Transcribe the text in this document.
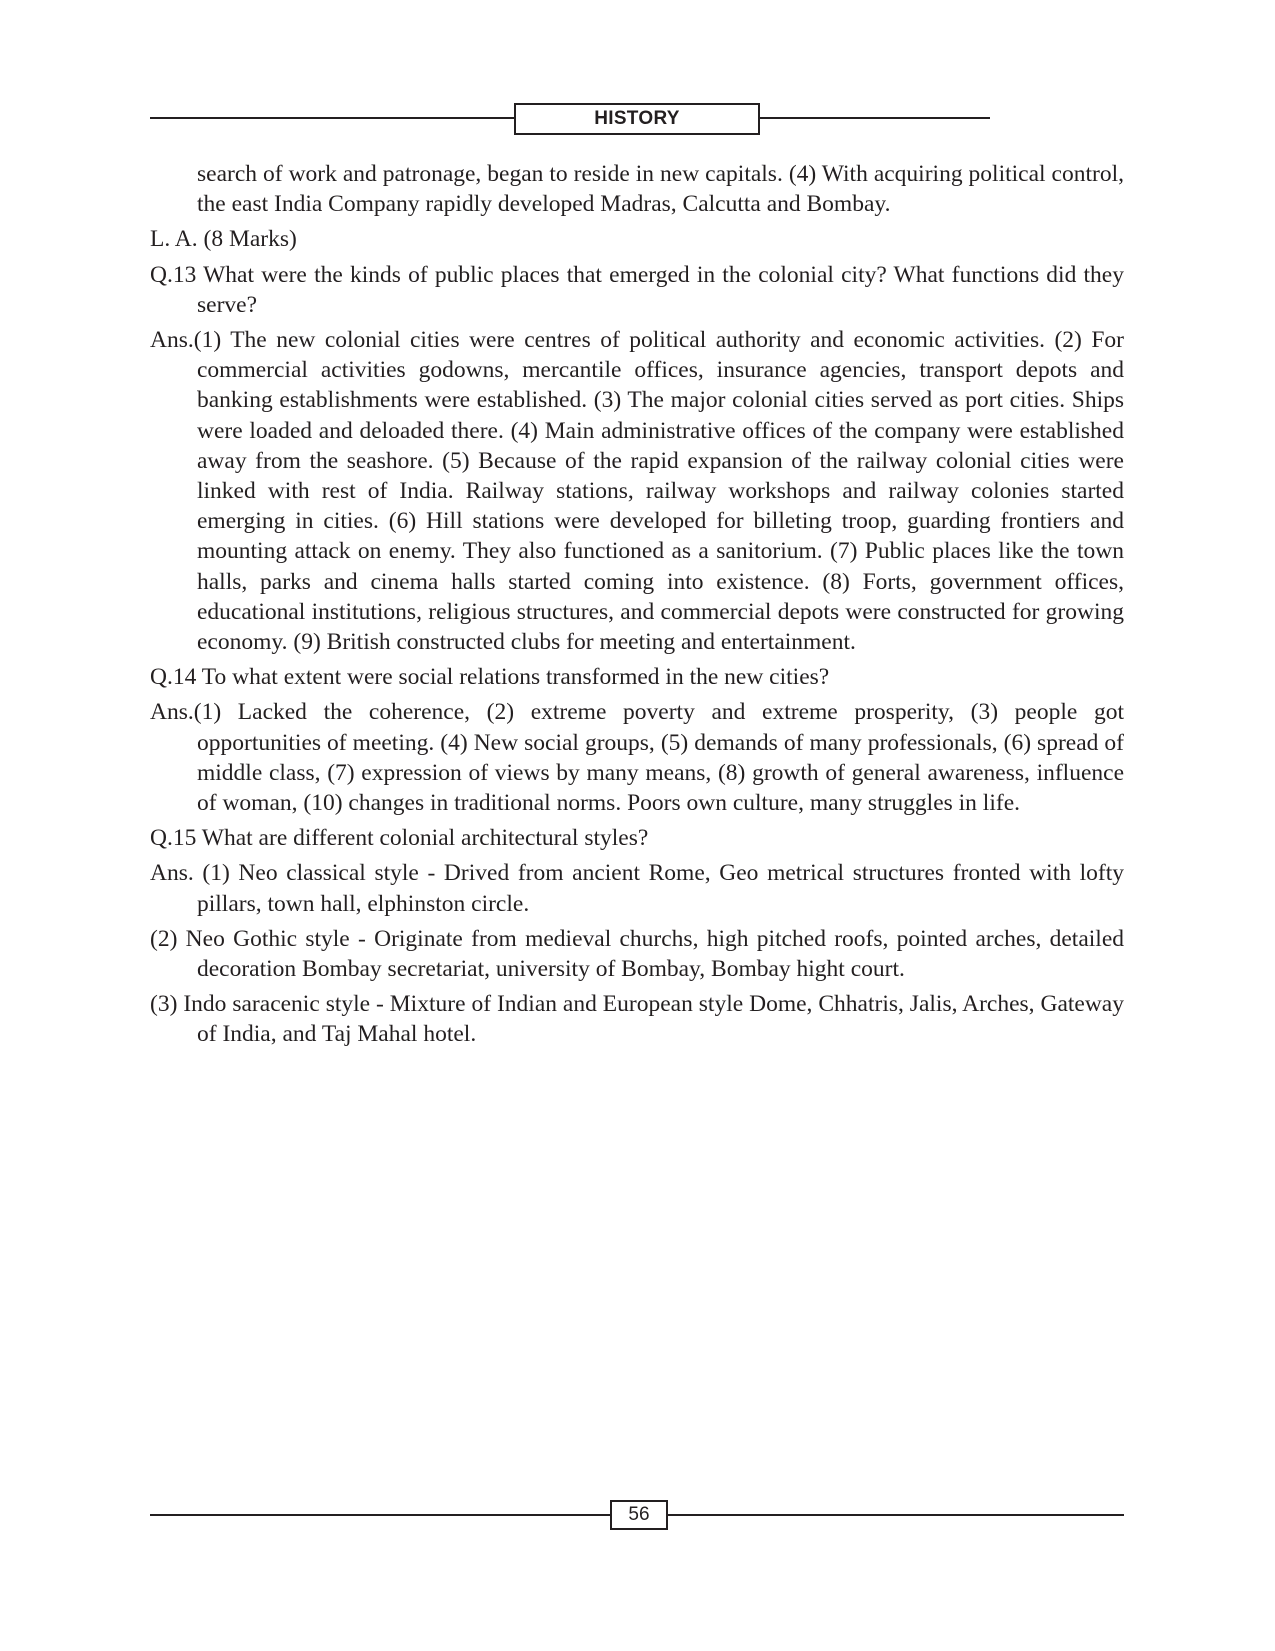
HISTORY

search of work and patronage, began to reside in new capitals. (4) With acquiring political control, the east India Company rapidly developed Madras, Calcutta and Bombay.

L. A. (8 Marks)

Q.13 What were the kinds of public places that emerged in the colonial city? What functions did they serve?

Ans.(1) The new colonial cities were centres of political authority and economic activities. (2) For commercial activities godowns, mercantile offices, insurance agencies, transport depots and banking establishments were established. (3) The major colonial cities served as port cities. Ships were loaded and deloaded there. (4) Main administrative offices of the company were established away from the seashore. (5) Because of the rapid expansion of the railway colonial cities were linked with rest of India. Railway stations, railway workshops and railway colonies started emerging in cities. (6) Hill stations were developed for billeting troop, guarding frontiers and mounting attack on enemy. They also functioned as a sanitorium. (7) Public places like the town halls, parks and cinema halls started coming into existence. (8) Forts, government offices, educational institutions, religious structures, and commercial depots were constructed for growing economy. (9) British constructed clubs for meeting and entertainment.

Q.14 To what extent were social relations transformed in the new cities?

Ans.(1) Lacked the coherence, (2) extreme poverty and extreme prosperity, (3) people got opportunities of meeting. (4) New social groups, (5) demands of many professionals, (6) spread of middle class, (7) expression of views by many means, (8) growth of general awareness, influence of woman, (10) changes in traditional norms. Poors own culture, many struggles in life.

Q.15 What are different colonial architectural styles?

Ans. (1) Neo classical style - Drived from ancient Rome, Geo metrical structures fronted with lofty pillars, town hall, elphinston circle.

(2) Neo Gothic style - Originate from medieval churchs, high pitched roofs, pointed arches, detailed decoration Bombay secretariat, university of Bombay, Bombay hight court.

(3) Indo saracenic style - Mixture of Indian and European style Dome, Chhatris, Jalis, Arches, Gateway of India, and Taj Mahal hotel.

56
